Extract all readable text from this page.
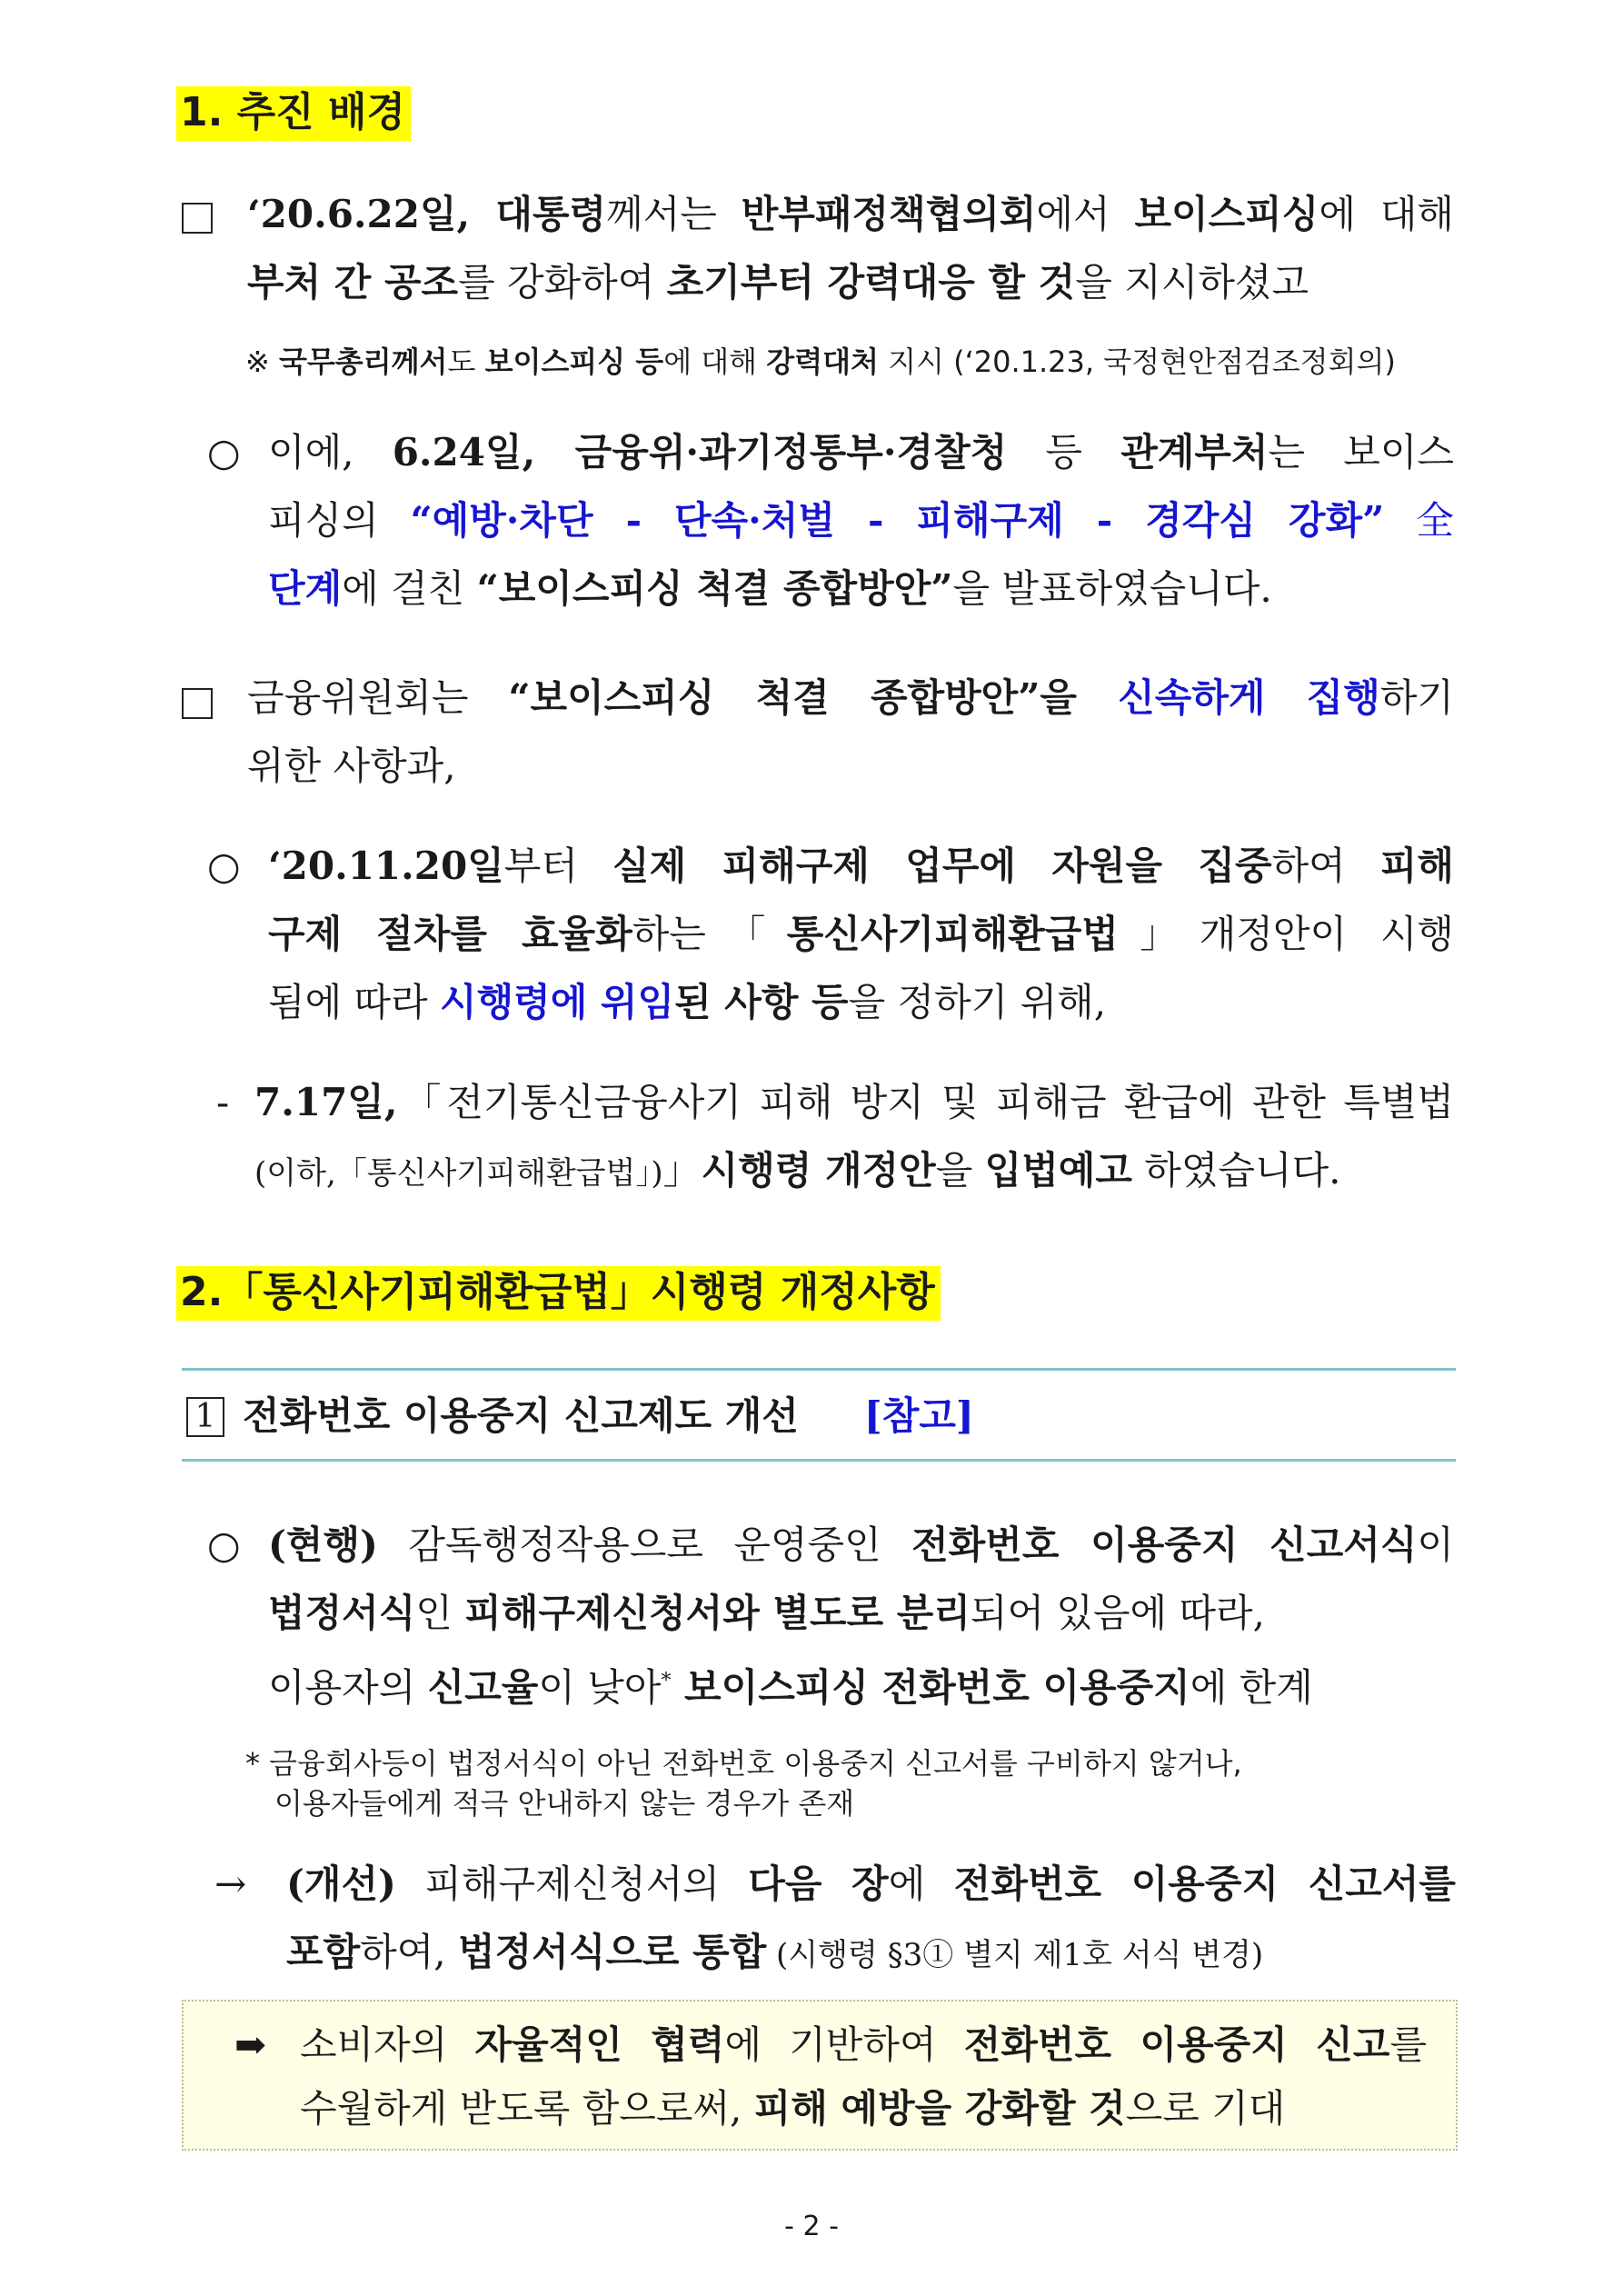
1. 추진 배경
‘20.6.22일, 대통령께서는 반부패정책협의회에서 보이스피싱에 대해
부처 간 공조를 강화하여 초기부터 강력대응 할 것을 지시하셨고
※ 국무총리께서도 보이스피싱 등에 대해 강력대처 지시 (‘20.1.23, 국정현안점검조정회의)
○ 이에, 6.24일, 금융위·과기정통부·경찰청 등 관계부처는 보이스
피싱의 “예방·차단 - 단속·처벌 - 피해구제 - 경각심 강화” 全
단계에 걸친 “보이스피싱 척결 종합방안”을 발표하였습니다.
금융위원회는 “보이스피싱 척결 종합방안”을 신속하게 집행하기
위한 사항과,
○ ‘20.11.20일부터 실제 피해구제 업무에 자원을 집중하여 피해
구제 절차를 효율화하는「통신사기피해환급법」개정안이 시행
됨에 따라 시행령에 위임된 사항 등을 정하기 위해,
- 7.17일,「전기통신금융사기 피해 방지 및 피해금 환급에 관한 특별법
(이하,「통신사기피해환급법」)」시행령 개정안을 입법예고 하였습니다.
2.「통신사기피해환급법」시행령 개정사항
1 전화번호 이용중지 신고제도 개선 [참고]
○ (현행) 감독행정작용으로 운영중인 전화번호 이용중지 신고서식이
법정서식인 피해구제신청서와 별도로 분리되어 있음에 따라,
이용자의 신고율이 낮아* 보이스피싱 전화번호 이용중지에 한계
* 금융회사등이 법정서식이 아닌 전화번호 이용중지 신고서를 구비하지 않거나,
이용자들에게 적극 안내하지 않는 경우가 존재
→ (개선) 피해구제신청서의 다음 장에 전화번호 이용중지 신고서를
포함하여, 법정서식으로 통합 (시행령 §3① 별지 제1호 서식 변경)
➡ 소비자의 자율적인 협력에 기반하여 전화번호 이용중지 신고를
수월하게 받도록 함으로써, 피해 예방을 강화할 것으로 기대
- 2 -
